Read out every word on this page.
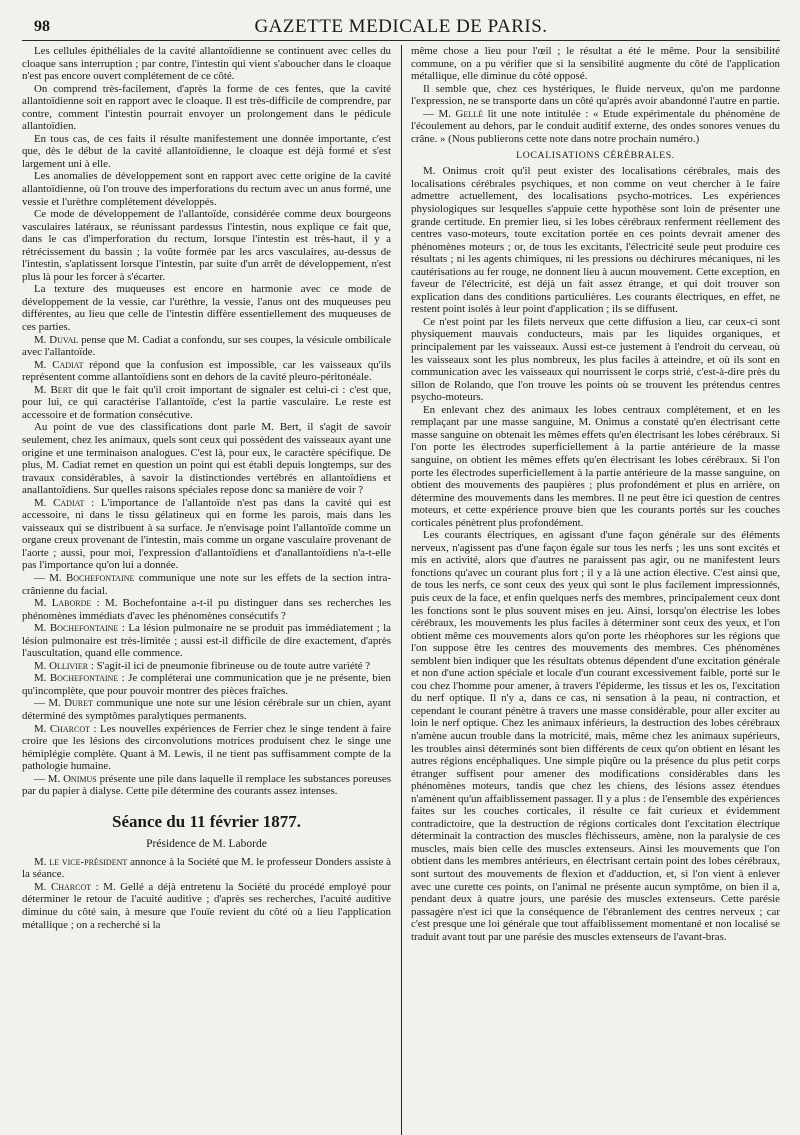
98	GAZETTE MEDICALE DE PARIS.

Les cellules épithéliales de la cavité allantoïdienne se continuent avec celles du cloaque sans interruption ; par contre, l'intestin qui vient s'aboucher dans le cloaque n'est pas encore ouvert complétement de ce côté.

On comprend très-facilement, d'après la forme de ces fentes, que la cavité allantoïdienne soit en rapport avec le cloaque. Il est très-difficile de comprendre, par contre, comment l'intestin pourrait envoyer un prolongement dans le pédicule allantoïdien.

En tous cas, de ces faits il résulte manifestement une donnée importante, c'est que, dès le début de la cavité allantoïdienne, le cloaque est déjà formé et s'est largement uni à elle.

Les anomalies de développement sont en rapport avec cette origine de la cavité allantoïdienne, où l'on trouve des imperforations du rectum avec un anus formé, une vessie et l'urèthre complétement développés.

Ce mode de développement de l'allantoïde, considérée comme deux bourgeons vasculaires latéraux, se réunissant pardessus l'intestin, nous explique ce fait que, dans le cas d'imperforation du rectum, lorsque l'intestin est très-haut, il y a rétrécissement du bassin ; la voûte formée par les arcs vasculaires, au-dessus de l'intestin, s'aplatissent lorsque l'intestin, par suite d'un arrêt de développement, n'est plus là pour les forcer à s'écarter.

La texture des muqueuses est encore en harmonie avec ce mode de développement de la vessie, car l'urèthre, la vessie, l'anus ont des muqueuses peu différentes, au lieu que celle de l'intestin diffère essentiellement des muqueuses de ces parties.

M. Duval pense que M. Cadiat a confondu, sur ses coupes, la vésicule ombilicale avec l'allantoïde.

M. Cadiat répond que la confusion est impossible, car les vaisseaux qu'ils représentent comme allantoïdiens sont en dehors de la cavité pleuro-péritonéale.

M. Bert dit que le fait qu'il croit important de signaler est celui-ci : c'est que, pour lui, ce qui caractérise l'allantoïde, c'est la partie vasculaire. Le reste est accessoire et de formation consécutive.

Au point de vue des classifications dont parle M. Bert, il s'agit de savoir seulement, chez les animaux, quels sont ceux qui possèdent des vaisseaux ayant une origine et une terminaison analogues. C'est là, pour eux, le caractère spécifique. De plus, M. Cadiat remet en question un point qui est établi depuis longtemps, sur des travaux considérables, à savoir la distinctiondes vertébrés en allantoïdiens et anallantoïdiens. Sur quelles raisons spéciales repose donc sa manière de voir ?

M. Cadiat : L'importance de l'allantoïde n'est pas dans la cavité qui est accessoire, ni dans le tissu gélatineux qui en forme les parois, mais dans les vaisseaux qui se distribuent à sa surface. Je n'envisage point l'allantoïde comme un organe creux provenant de l'intestin, mais comme un organe vasculaire provenant de l'aorte ; aussi, pour moi, l'expression d'allantoïdiens et d'anallantoïdiens n'a-t-elle pas l'importance qu'on lui a donnée.

— M. Bochefontaine communique une note sur les effets de la section intra-crânienne du facial.

M. Laborde : M. Bochefontaine a-t-il pu distinguer dans ses recherches les phénomènes immédiats d'avec les phénomènes consécutifs ?

M. Bochefontaine : La lésion pulmonaire ne se produit pas immédiatement ; la lésion pulmonaire est très-limitée ; aussi est-il difficile de dire exactement, d'après l'auscultation, quand elle commence.

M. Ollivier : S'agit-il ici de pneumonie fibrineuse ou de toute autre variété ?

M. Bochefontaine : Je compléterai une communication que je ne présente, bien qu'incomplète, que pour pouvoir montrer des pièces fraîches.

— M. Duret communique une note sur une lésion cérébrale sur un chien, ayant déterminé des symptômes paralytiques permanents.

M. Charcot : Les nouvelles expériences de Ferrier chez le singe tendent à faire croire que les lésions des circonvolutions motrices produisent chez le singe une hémiplégie complète. Quant à M. Lewis, il ne tient pas suffisamment compte de la pathologie humaine.

— M. Onimus présente une pile dans laquelle il remplace les substances poreuses par du papier à dialyse. Cette pile détermine des courants assez intenses.

Séance du 11 février 1877.
Présidence de M. Laborde

M. le vice-président annonce à la Société que M. le professeur Donders assiste à la séance.

M. Charcot : M. Gellé a déjà entretenu la Société du procédé employé pour déterminer le retour de l'acuité auditive ; d'après ses recherches, l'acuité auditive diminue du côté sain, à mesure que l'ouïe revient du côté où a lieu l'application métallique ; on a recherché si la

même chose a lieu pour l'œil ; le résultat a été le même. Pour la sensibilité commune, on a pu vérifier que si la sensibilité augmente du côté de l'application métallique, elle diminue du côté opposé.

Il semble que, chez ces hystériques, le fluide nerveux, qu'on me pardonne l'expression, ne se transporte dans un côté qu'après avoir abandonné l'autre en partie.

— M. Gellé lit une note intitulée : « Etude expérimentale du phénomène de l'écoulement au dehors, par le conduit auditif externe, des ondes sonores venues du crâne. » (Nous publierons cette note dans notre prochain numéro.)

LOCALISATIONS CÉRÉBRALES.

M. Onimus croit qu'il peut exister des localisations cérébrales, mais des localisations cérébrales psychiques, et non comme on veut chercher à le faire admettre actuellement, des localisations psycho-motrices. Les expériences physiologiques sur lesquelles s'appuie cette hypothèse sont loin de présenter une grande certitude. En premier lieu, si les lobes cérébraux renferment réellement des centres vaso-moteurs, toute excitation portée en ces points devrait amener des phénomènes moteurs ; or, de tous les excitants, l'électricité seule peut produire ces résultats ; ni les agents chimiques, ni les pressions ou déchirures mécaniques, ni les cautérisations au fer rouge, ne donnent lieu à aucun mouvement. Cette exception, en faveur de l'électricité, est déjà un fait assez étrange, et qui doit trouver son explication dans des conditions particulières. Les courants électriques, en effet, ne restent point isolés à leur point d'application ; ils se diffusent.

Ce n'est point par les filets nerveux que cette diffusion a lieu, car ceux-ci sont physiquement mauvais conducteurs, mais par les liquides organiques, et principalement par les vaisseaux. Aussi est-ce justement à l'endroit du cerveau, où les vaisseaux sont les plus nombreux, les plus faciles à atteindre, et où ils sont en communication avec les vaisseaux qui nourrissent le corps strié, c'est-à-dire près du sillon de Rolando, que l'on trouve les points où se trouvent les prétendus centres psycho-moteurs.

En enlevant chez des animaux les lobes centraux complétement, et en les remplaçant par une masse sanguine, M. Onimus a constaté qu'en électrisant cette masse sanguine on obtenait les mêmes effets qu'en électrisant les lobes cérébraux. Si l'on porte les électrodes superficiellement à la partie antérieure de la masse sanguine, on obtient les mêmes effets qu'en électrisant les lobes cérébraux. Si l'on porte les électrodes superficiellement à la partie antérieure de la masse sanguine, on obtient des mouvements des paupières ; plus profondément et plus en arrière, on détermine des mouvements dans les membres. Il ne peut être ici question de centres moteurs, et cette expérience prouve bien que les courants portés sur les couches corticales pénètrent plus profondément.

Les courants électriques, en agissant d'une façon générale sur des éléments nerveux, n'agissent pas d'une façon égale sur tous les nerfs ; les uns sont excités et mis en activité, alors que d'autres ne paraissent pas agir, ou ne manifestent leurs fonctions qu'avec un courant plus fort ; il y a là une action élective. C'est ainsi que, de tous les nerfs, ce sont ceux des yeux qui sont le plus facilement impressionnés, puis ceux de la face, et enfin quelques nerfs des membres, principalement ceux dont les fonctions sont le plus souvent mises en jeu. Ainsi, lorsqu'on électrise les lobes cérébraux, les mouvements les plus faciles à déterminer sont ceux des yeux, et l'on obtient même ces mouvements alors qu'on porte les rhéophores sur les régions que l'on suppose être les centres des mouvements des membres. Ces phénomènes semblent bien indiquer que les résultats obtenus dépendent d'une excitation générale et non d'une action spéciale et locale d'un courant excessivement faible, porté sur le cou chez l'homme pour amener, à travers l'épiderme, les tissus et les os, l'excitation du nerf optique. Il n'y a, dans ce cas, ni sensation à la peau, ni contraction, et cependant le courant pénètre à travers une masse considérable, pour aller exciter au loin le nerf optique. Chez les animaux inférieurs, la destruction des lobes cérébraux n'amène aucun trouble dans la motricité, mais, même chez les animaux supérieurs, les troubles ainsi déterminés sont bien différents de ceux qu'on obtient en lésant les autres régions encéphaliques. Une simple piqûre ou la présence du plus petit corps étranger suffisent pour amener des modifications considérables dans les phénomènes moteurs, tandis que chez les chiens, des lésions assez étendues n'amènent qu'un affaiblissement passager. Il y a plus : de l'ensemble des expériences faites sur les couches corticales, il résulte ce fait curieux et évidemment contradictoire, que la destruction de régions corticales dont l'excitation électrique déterminait la contraction des muscles fléchisseurs, amène, non la paralysie de ces muscles, mais bien celle des muscles extenseurs. Ainsi les mouvements que l'on obtient dans les membres antérieurs, en électrisant certain point des lobes cérébraux, sont surtout des mouvements de flexion et d'adduction, et, si l'on vient à enlever avec une curette ces points, on l'animal ne présente aucun symptôme, on bien il a, pendant deux à quatre jours, une parésie des muscles extenseurs. Cette parésie passagère n'est ici que la conséquence de l'ébranlement des centres nerveux ; car c'est presque une loi générale que tout affaiblissement momentané et non localisé se traduit avant tout par une parésie des muscles extenseurs de l'avant-bras.
